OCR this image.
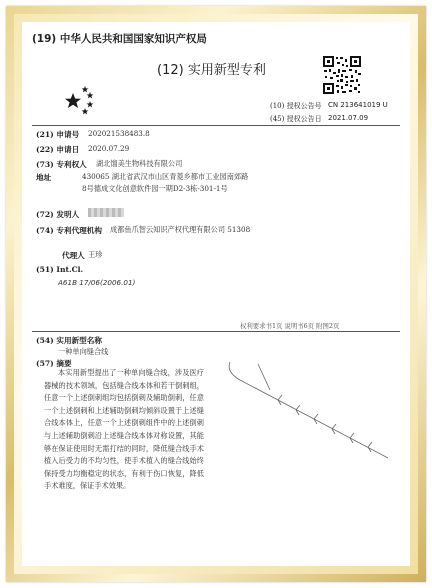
(19) 中华人民共和国国家知识产权局
(12) 实用新型专利
(10) 授权公告号 CN 213641019 U
(45) 授权公告日 2021.07.09
(21) 申请号 202021538483.8
(22) 申请日 2020.07.29
(73) 专利权人 湖北馏美生物科技有限公司
地址	430065 湖北省武汉市山区青菱乡都市工业园南郊路8号德成文化创意软件园一期D2-3栋-301-1号
(72) 发明人
(74) 专利代理机构 成都鱼爪智云知识产权代理有限公司 51308
代理人 王珍
(51) Int.Cl.
A61B 17/06(2006.01)
权利要求书1页 说明书6页 附图2页
(54) 实用新型名称
一种单向缝合线
(57) 摘要
本实用新型提出了一种单向缝合线，涉及医疗器械的技术领域，包括缝合线本体和若干倒刺组，任意一个上述倒刺组均包括倒刺及辅助倒刺，任意一个上述倒刺和上述辅助倒刺均倾斜设置于上述缝合线本体上，任意一个上述倒刺组件中的上述倒刺与上述辅助倒刺沿上述缝合线本体对称设置，其能够在保证使用时无需打结的同时，降低缝合线手术植入后受力的不均匀性，使手术植入的缝合线始终保持受力均衡稳定的状态，有利于伤口恢复，降低手术难度，保证手术效果。
